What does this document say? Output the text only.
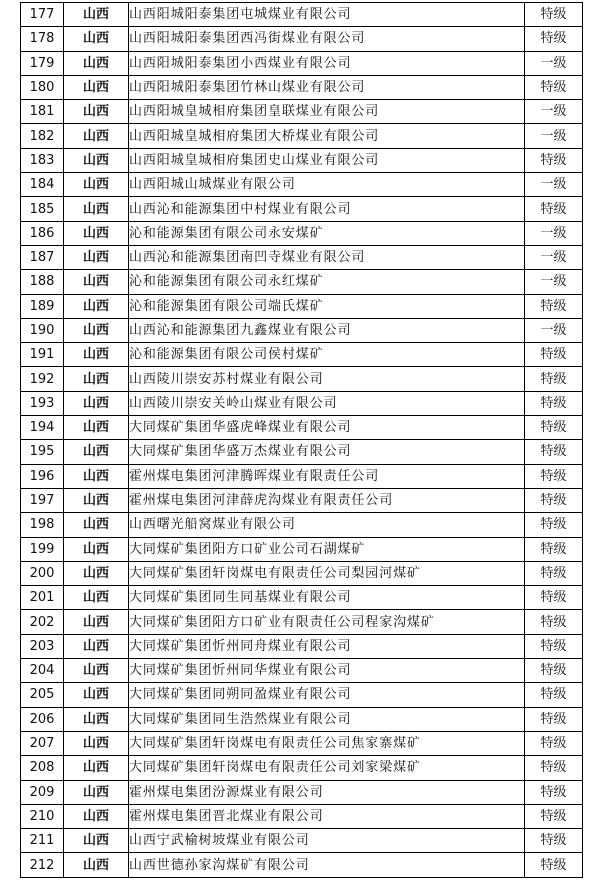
177	山西	山西阳城阳泰集团屯城煤业有限公司	特级
178	山西	山西阳城阳泰集团西冯街煤业有限公司	特级
179	山西	山西阳城阳泰集团小西煤业有限公司	一级
180	山西	山西阳城阳泰集团竹林山煤业有限公司	特级
181	山西	山西阳城皇城相府集团皇联煤业有限公司	一级
182	山西	山西阳城皇城相府集团大桥煤业有限公司	一级
183	山西	山西阳城皇城相府集团史山煤业有限公司	特级
184	山西	山西阳城山城煤业有限公司	一级
185	山西	山西沁和能源集团中村煤业有限公司	特级
186	山西	沁和能源集团有限公司永安煤矿	一级
187	山西	山西沁和能源集团南凹寺煤业有限公司	一级
188	山西	沁和能源集团有限公司永红煤矿	一级
189	山西	沁和能源集团有限公司端氏煤矿	特级
190	山西	山西沁和能源集团九鑫煤业有限公司	一级
191	山西	沁和能源集团有限公司侯村煤矿	特级
192	山西	山西陵川崇安苏村煤业有限公司	特级
193	山西	山西陵川崇安关岭山煤业有限公司	特级
194	山西	大同煤矿集团华盛虎峰煤业有限公司	特级
195	山西	大同煤矿集团华盛万杰煤业有限公司	特级
196	山西	霍州煤电集团河津腾晖煤业有限责任公司	特级
197	山西	霍州煤电集团河津薛虎沟煤业有限责任公司	特级
198	山西	山西曙光船窝煤业有限公司	特级
199	山西	大同煤矿集团阳方口矿业公司石湖煤矿	特级
200	山西	大同煤矿集团轩岗煤电有限责任公司梨园河煤矿	特级
201	山西	大同煤矿集团同生同基煤业有限公司	特级
202	山西	大同煤矿集团阳方口矿业有限责任公司程家沟煤矿	特级
203	山西	大同煤矿集团忻州同舟煤业有限公司	特级
204	山西	大同煤矿集团忻州同华煤业有限公司	特级
205	山西	大同煤矿集团同朔同盈煤业有限公司	特级
206	山西	大同煤矿集团同生浩然煤业有限公司	特级
207	山西	大同煤矿集团轩岗煤电有限责任公司焦家寨煤矿	特级
208	山西	大同煤矿集团轩岗煤电有限责任公司刘家梁煤矿	特级
209	山西	霍州煤电集团汾源煤业有限公司	特级
210	山西	霍州煤电集团晋北煤业有限公司	特级
211	山西	山西宁武榆树坡煤业有限公司	特级
212	山西	山西世德孙家沟煤矿有限公司	特级
